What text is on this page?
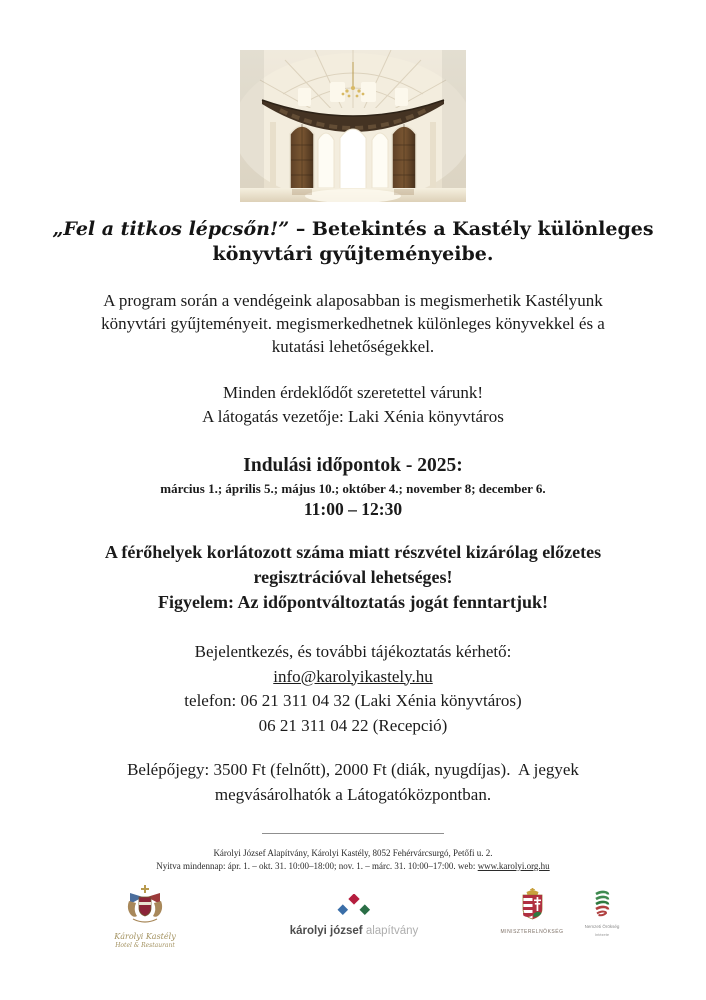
„Fel a titkos lépcsőn!” – Betekintés a Kastély különleges
könyvtári gyűjteményeibe.
A program során a vendégeink alaposabban is megismerhetik Kastélyunk
könyvtári gyűjteményeit. megismerkedhetnek különleges könyvekkel és a
kutatási lehetőségekkel.
Minden érdeklődőt szeretettel várunk!
A látogatás vezetője: Laki Xénia könyvtáros
Indulási időpontok - 2025:
március 1.; április 5.; május 10.; október 4.; november 8; december 6.
11:00 – 12:30
A férőhelyek korlátozott száma miatt részvétel kizárólag előzetes
regisztrációval lehetséges!
Figyelem: Az időpontváltoztatás jogát fenntartjuk!
Bejelentkezés, és további tájékoztatás kérhető:
info@karolyikastely.hu
telefon: 06 21 311 04 32 (Laki Xénia könyvtáros)
06 21 311 04 22 (Recepció)
Belépőjegy: 3500 Ft (felnőtt), 2000 Ft (diák, nyugdíjas).  A jegyek
megvásárolhatók a Látogatóközpontban.
Károlyi József Alapítvány, Károlyi Kastély, 8052 Fehérvárcsurgó, Petőfi u. 2.
Nyitva mindennap: ápr. 1. – okt. 31. 10:00–18:00; nov. 1. – márc. 31. 10:00–17:00. web: www.karolyi.org.hu
Károlyi Kastély
Hotel & Restaurant
károlyi józsef alapítvány	MINISZTERELNÖKSÉG
Nemzeti Örökség
Intézete
